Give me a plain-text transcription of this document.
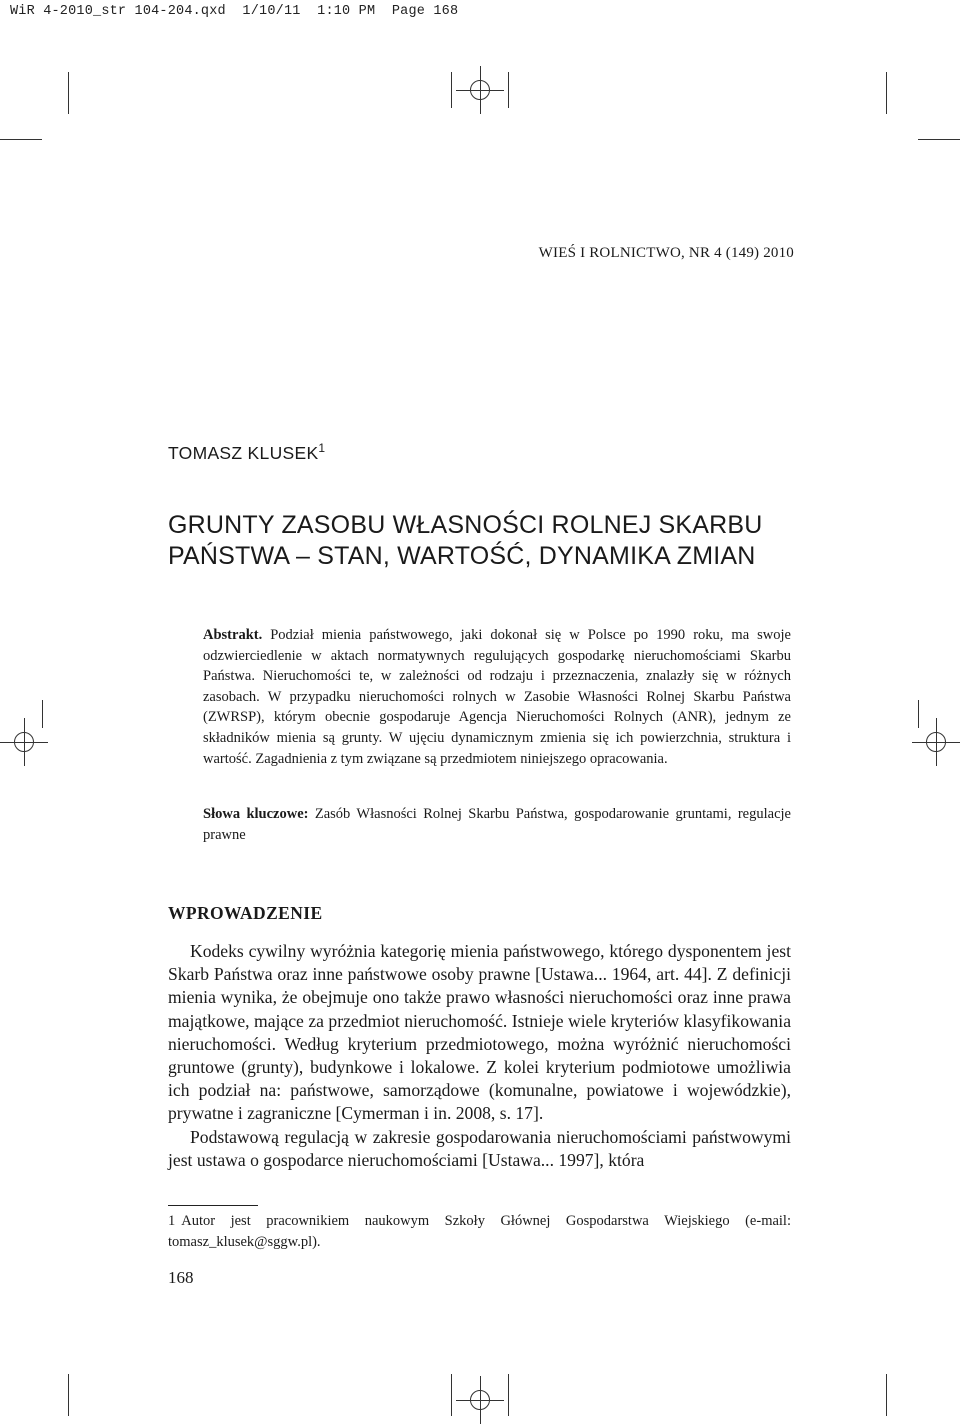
WiR 4-2010_str 104-204.qxd  1/10/11  1:10 PM  Page 168
WIEŚ I ROLNICTWO, NR 4 (149) 2010
TOMASZ KLUSEK$^1$
GRUNTY ZASOBU WŁASNOŚCI ROLNEJ SKARBU
PAŃSTWA – STAN, WARTOŚĆ, DYNAMIKA ZMIAN

Abstrakt. Podział mienia państwowego, jaki dokonał się w Polsce po 1990 roku, ma swoje odzwierciedlenie w aktach normatywnych regulujących gospodarkę nieruchomościami Skarbu Państwa. Nieruchomości te, w zależności od rodzaju i przeznaczenia, znalazły się w różnych zasobach. W przypadku nieruchomości rolnych w Zasobie Własności Rolnej Skarbu Państwa (ZWRSP), którym obecnie gospodaruje Agencja Nieruchomości Rolnych (ANR), jednym ze składników mienia są grunty. W ujęciu dynamicznym zmienia się ich powierzchnia, struktura i wartość. Zagadnienia z tym związane są przedmiotem niniejszego opracowania.

Słowa kluczowe: Zasób Własności Rolnej Skarbu Państwa, gospodarowanie gruntami, regulacje prawne

WPROWADZENIE

Kodeks cywilny wyróżnia kategorię mienia państwowego, którego dysponentem jest Skarb Państwa oraz inne państwowe osoby prawne [Ustawa... 1964, art. 44]. Z definicji mienia wynika, że obejmuje ono także prawo własności nieruchomości oraz inne prawa majątkowe, mające za przedmiot nieruchomość. Istnieje wiele kryteriów klasyfikowania nieruchomości. Według kryterium przedmiotowego, można wyróżnić nieruchomości gruntowe (grunty), budynkowe i lokalowe. Z kolei kryterium podmiotowe umożliwia ich podział na: państwowe, samorządowe (komunalne, powiatowe i wojewódzkie), prywatne i zagraniczne [Cymerman i in. 2008, s. 17].

Podstawową regulacją w zakresie gospodarowania nieruchomościami państwowymi jest ustawa o gospodarce nieruchomościami [Ustawa... 1997], która

1 Autor jest pracownikiem naukowym Szkoły Głównej Gospodarstwa Wiejskiego (e-mail: tomasz_klusek@sggw.pl).

168
